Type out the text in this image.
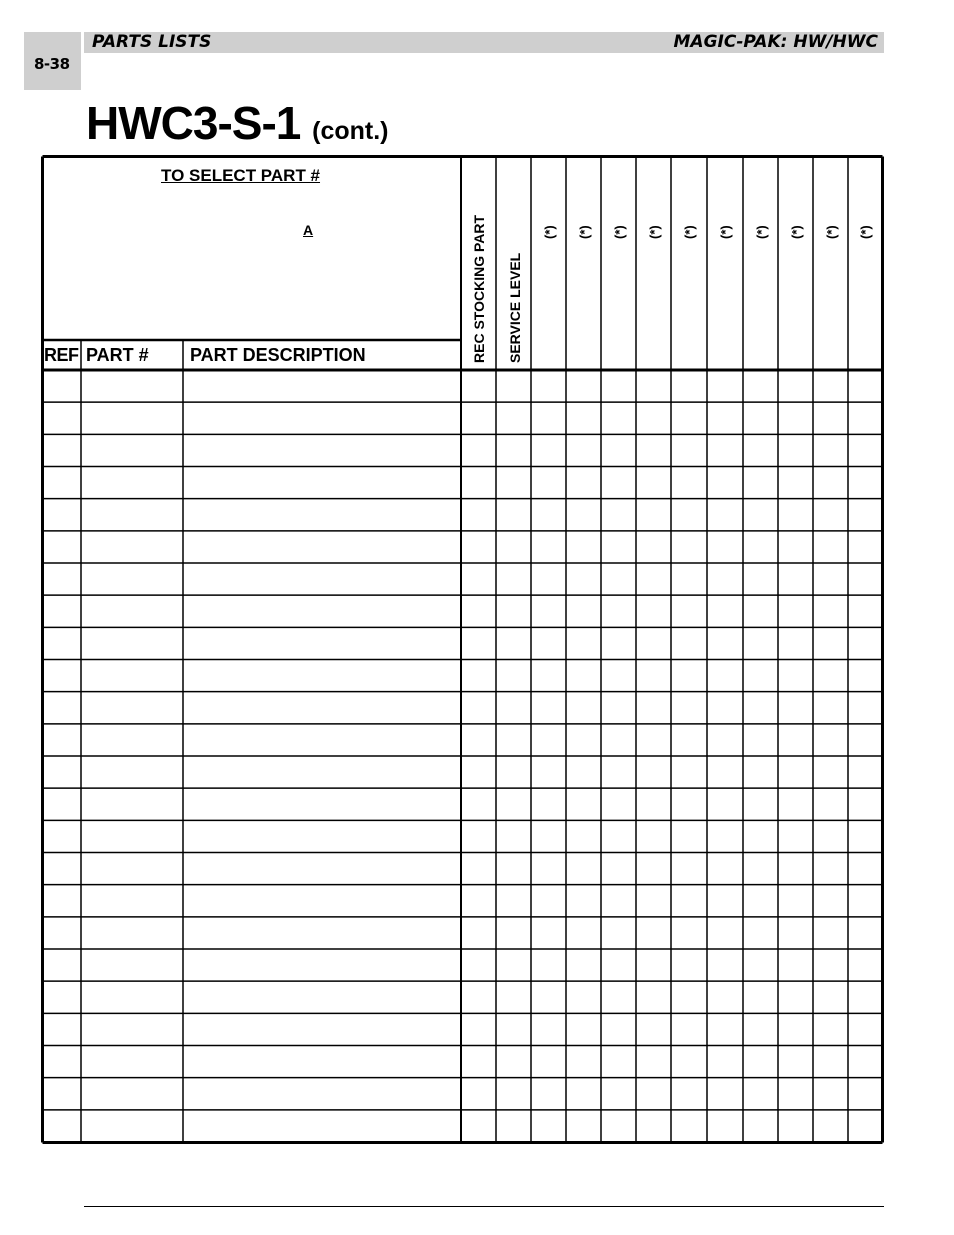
8-38
PARTS LISTS	MAGIC-PAK: HW/HWC
HWC3-S-1 (cont.)
TO SELECT PART #
A
REF PART # PART DESCRIPTION	REC STOCKING PART SERVICE LEVEL
(*) (*) (*) (*) (*) (*) (*) (*) (*) (*)
